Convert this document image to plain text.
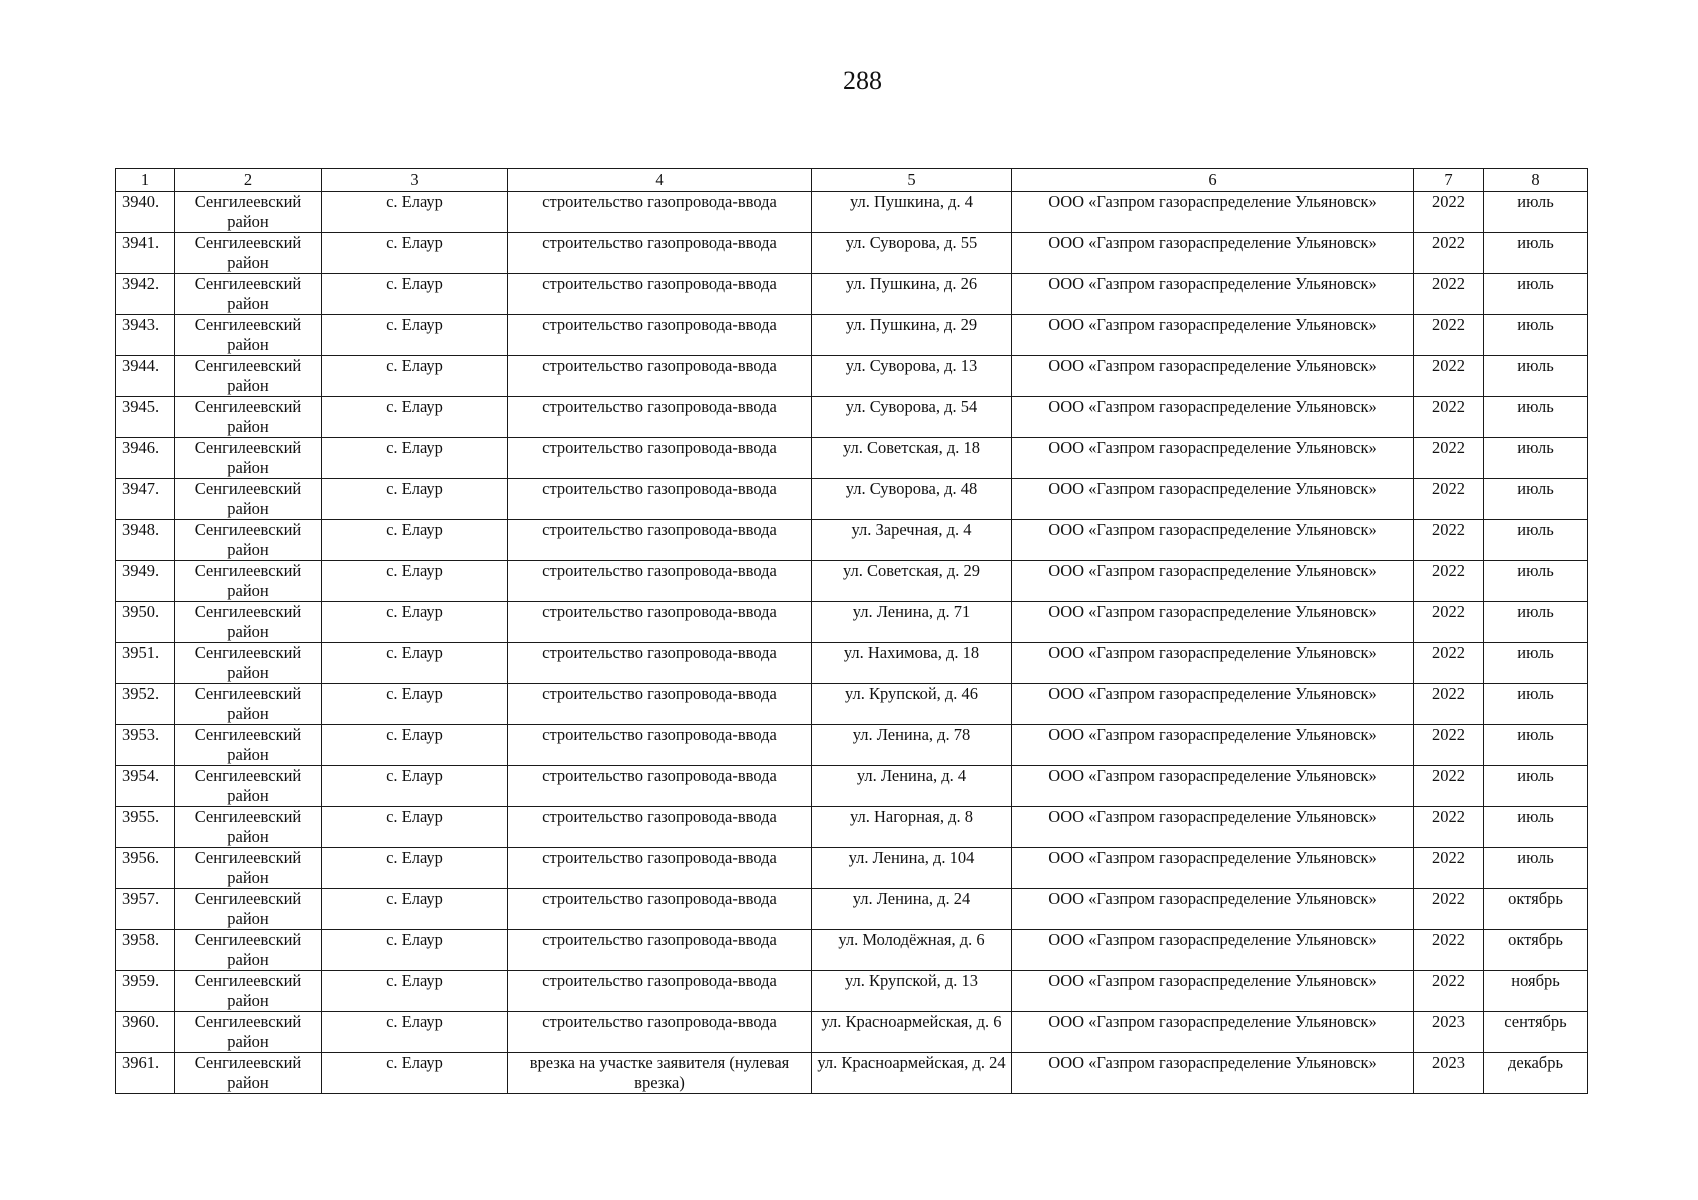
288
1	2	3	4	5	6	7	8
3940.	Сенгилеевский район	с. Елаур	строительство газопровода-ввода	ул. Пушкина, д. 4	ООО «Газпром газораспределение Ульяновск»	2022	июль
3941.	Сенгилеевский район	с. Елаур	строительство газопровода-ввода	ул. Суворова, д. 55	ООО «Газпром газораспределение Ульяновск»	2022	июль
3942.	Сенгилеевский район	с. Елаур	строительство газопровода-ввода	ул. Пушкина, д. 26	ООО «Газпром газораспределение Ульяновск»	2022	июль
3943.	Сенгилеевский район	с. Елаур	строительство газопровода-ввода	ул. Пушкина, д. 29	ООО «Газпром газораспределение Ульяновск»	2022	июль
3944.	Сенгилеевский район	с. Елаур	строительство газопровода-ввода	ул. Суворова, д. 13	ООО «Газпром газораспределение Ульяновск»	2022	июль
3945.	Сенгилеевский район	с. Елаур	строительство газопровода-ввода	ул. Суворова, д. 54	ООО «Газпром газораспределение Ульяновск»	2022	июль
3946.	Сенгилеевский район	с. Елаур	строительство газопровода-ввода	ул. Советская, д. 18	ООО «Газпром газораспределение Ульяновск»	2022	июль
3947.	Сенгилеевский район	с. Елаур	строительство газопровода-ввода	ул. Суворова, д. 48	ООО «Газпром газораспределение Ульяновск»	2022	июль
3948.	Сенгилеевский район	с. Елаур	строительство газопровода-ввода	ул. Заречная, д. 4	ООО «Газпром газораспределение Ульяновск»	2022	июль
3949.	Сенгилеевский район	с. Елаур	строительство газопровода-ввода	ул. Советская, д. 29	ООО «Газпром газораспределение Ульяновск»	2022	июль
3950.	Сенгилеевский район	с. Елаур	строительство газопровода-ввода	ул. Ленина, д. 71	ООО «Газпром газораспределение Ульяновск»	2022	июль
3951.	Сенгилеевский район	с. Елаур	строительство газопровода-ввода	ул. Нахимова, д. 18	ООО «Газпром газораспределение Ульяновск»	2022	июль
3952.	Сенгилеевский район	с. Елаур	строительство газопровода-ввода	ул. Крупской, д. 46	ООО «Газпром газораспределение Ульяновск»	2022	июль
3953.	Сенгилеевский район	с. Елаур	строительство газопровода-ввода	ул. Ленина, д. 78	ООО «Газпром газораспределение Ульяновск»	2022	июль
3954.	Сенгилеевский район	с. Елаур	строительство газопровода-ввода	ул. Ленина, д. 4	ООО «Газпром газораспределение Ульяновск»	2022	июль
3955.	Сенгилеевский район	с. Елаур	строительство газопровода-ввода	ул. Нагорная, д. 8	ООО «Газпром газораспределение Ульяновск»	2022	июль
3956.	Сенгилеевский район	с. Елаур	строительство газопровода-ввода	ул. Ленина, д. 104	ООО «Газпром газораспределение Ульяновск»	2022	июль
3957.	Сенгилеевский район	с. Елаур	строительство газопровода-ввода	ул. Ленина, д. 24	ООО «Газпром газораспределение Ульяновск»	2022	октябрь
3958.	Сенгилеевский район	с. Елаур	строительство газопровода-ввода	ул. Молодёжная, д. 6	ООО «Газпром газораспределение Ульяновск»	2022	октябрь
3959.	Сенгилеевский район	с. Елаур	строительство газопровода-ввода	ул. Крупской, д. 13	ООО «Газпром газораспределение Ульяновск»	2022	ноябрь
3960.	Сенгилеевский район	с. Елаур	строительство газопровода-ввода	ул. Красноармейская, д. 6	ООО «Газпром газораспределение Ульяновск»	2023	сентябрь
3961.	Сенгилеевский район	с. Елаур	врезка на участке заявителя (нулевая врезка)	ул. Красноармейская, д. 24	ООО «Газпром газораспределение Ульяновск»	2023	декабрь
